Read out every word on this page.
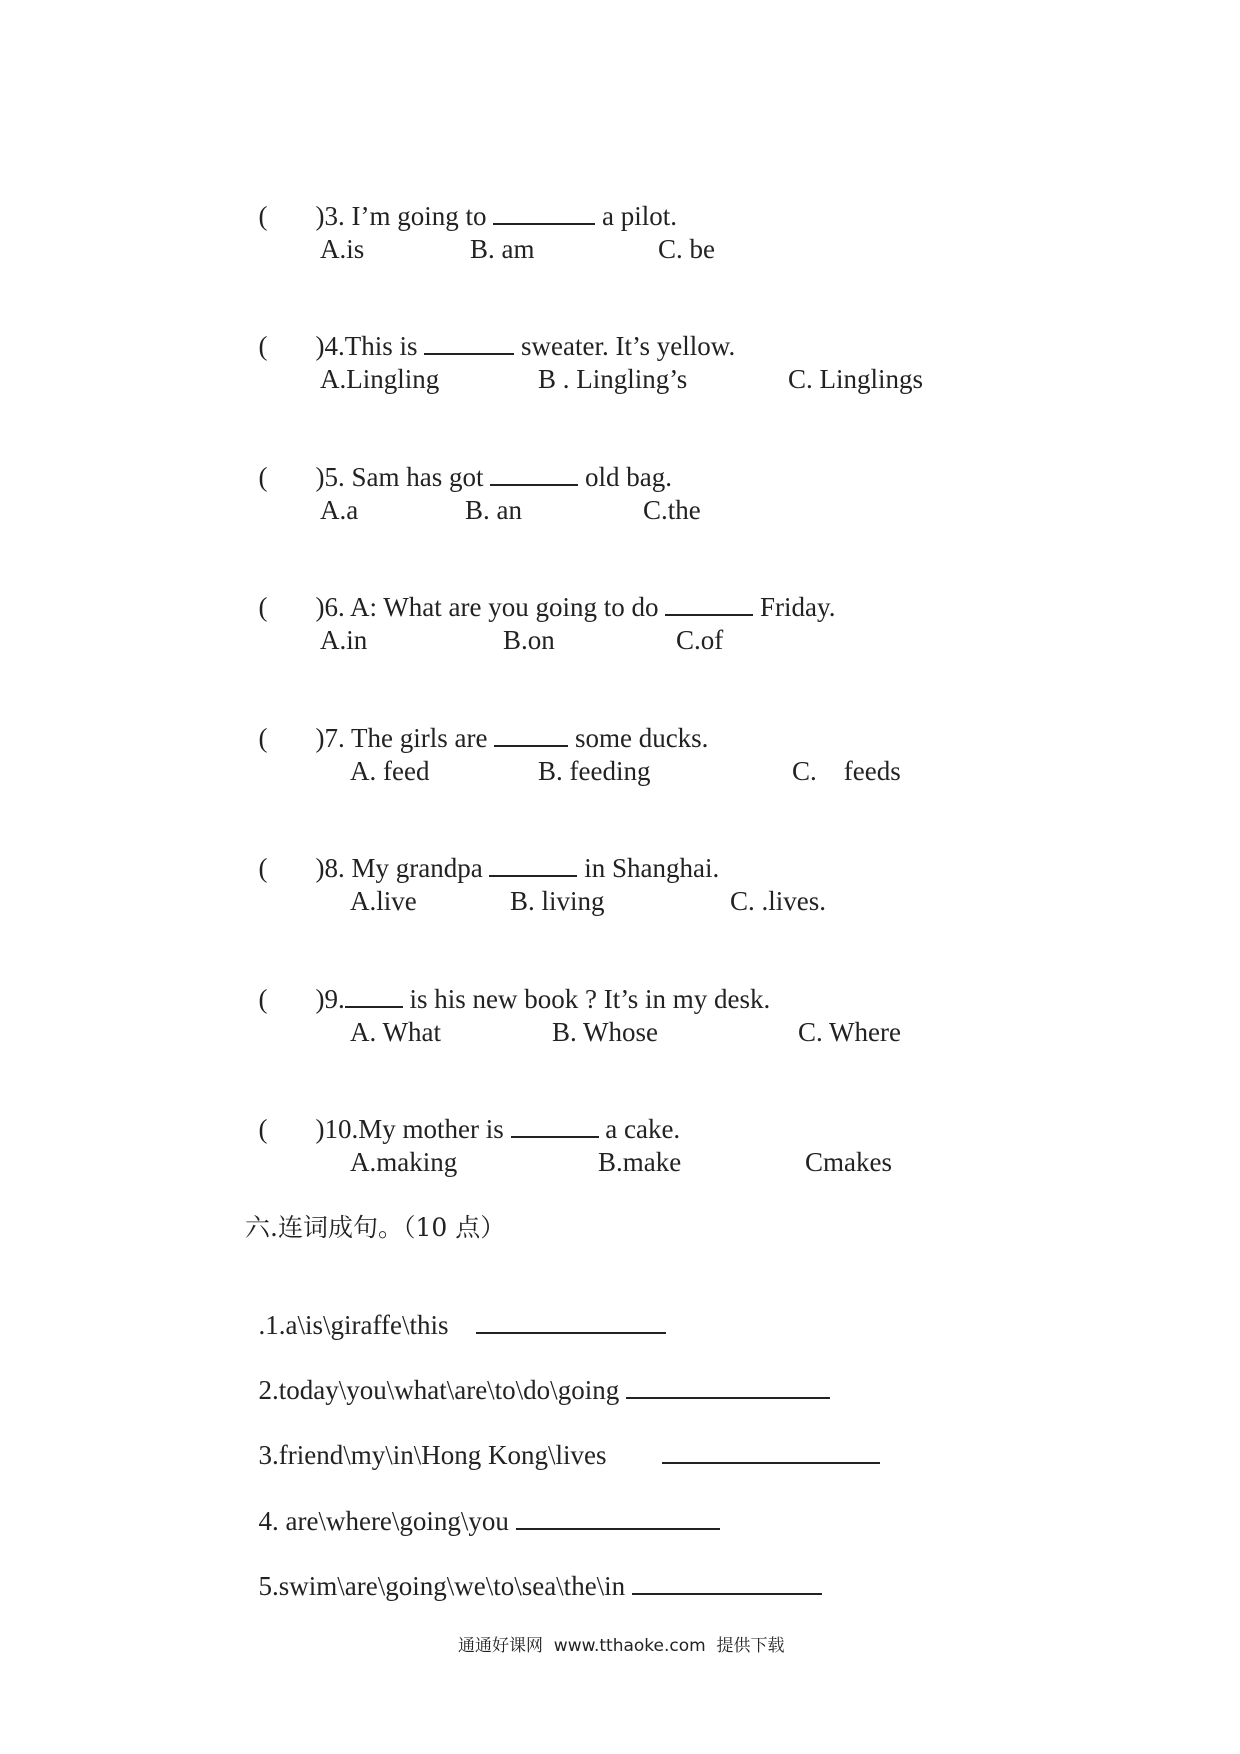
( )3. I’m going to	a pilot.

A.is	B. am	C. be

( )4.This is	sweater. It’s yellow.

A.Lingling	B . Lingling’s	C. Linglings

( )5. Sam has got	old bag.

A.a	B. an	C.the

( )6. A: What are you going to do	Friday.

A.in	B.on	C.of

( )7. The girls are	some ducks.

A. feed	B. feeding	C.    feeds

( )8. My grandpa	in Shanghai.

A.live	B. living	C. .lives.

( )9. is his new book ? It’s in my desk.

A. What	B. Whose	C. Where

( )10.My mother is	a cake.

A.making	B.make	Cmakes
六.连词成句。（10 点）

.1.a\is\giraffe\this

2.today\you\what\are\to\do\going

3.friend\my\in\Hong Kong\lives

4. are\where\going\you

5.swim\are\going\we\to\sea\the\in

通通好课网  www.tthaoke.com  提供下载
